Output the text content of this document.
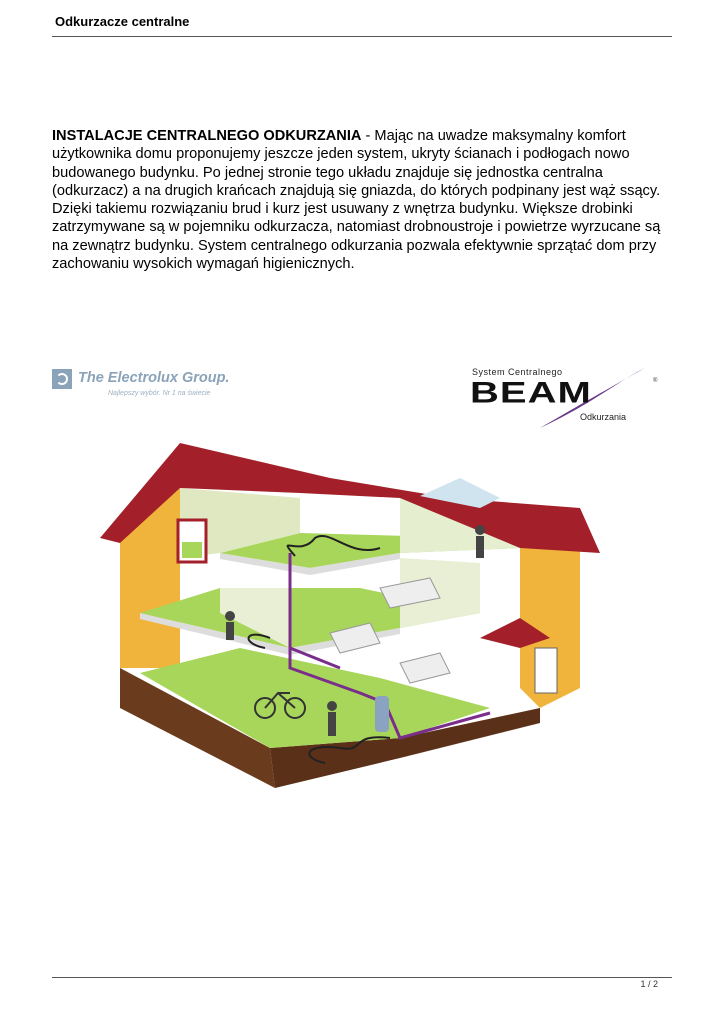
Odkurzacze centralne
INSTALACJE CENTRALNEGO ODKURZANIA - Mając na uwadze maksymalny komfort użytkownika domu proponujemy jeszcze jeden system, ukryty ścianach i podłogach nowo budowanego budynku. Po jednej stronie tego układu znajduje się jednostka centralna (odkurzacz) a na drugich krańcach znajdują się gniazda, do których podpinany jest wąż ssący. Dzięki takiemu rozwiązaniu brud i kurz jest usuwany z wnętrza budynku. Większe drobinki zatrzymywane są w pojemniku odkurzacza, natomiast drobnoustroje i powietrze wyrzucane są na zewnątrz budynku. System centralnego odkurzania pozwala efektywnie sprzątać dom przy zachowaniu wysokich wymagań higienicznych.
The Electrolux Group.
Najlepszy wybór. Nr 1 na świecie
System Centralnego
BEAM	®
Odkurzania
1 / 2
